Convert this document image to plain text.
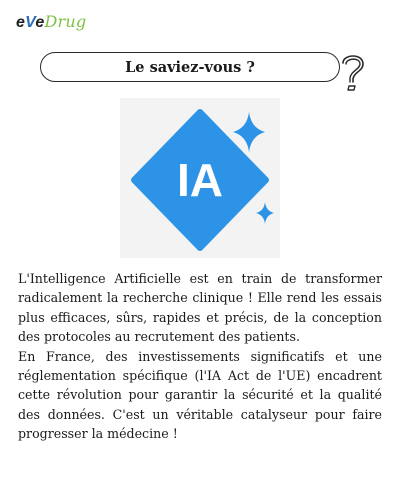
eVeDrug
Le saviez-vous ?
IA

L'Intelligence Artificielle est en train de transformer radicalement la recherche clinique ! Elle rend les essais plus efficaces, sûrs, rapides et précis, de la conception des protocoles au recrutement des patients.

En France, des investissements significatifs et une réglementation spécifique (l'IA Act de l'UE) encadrent cette révolution pour garantir la sécurité et la qualité des données. C'est un véritable catalyseur pour faire progresser la médecine !
